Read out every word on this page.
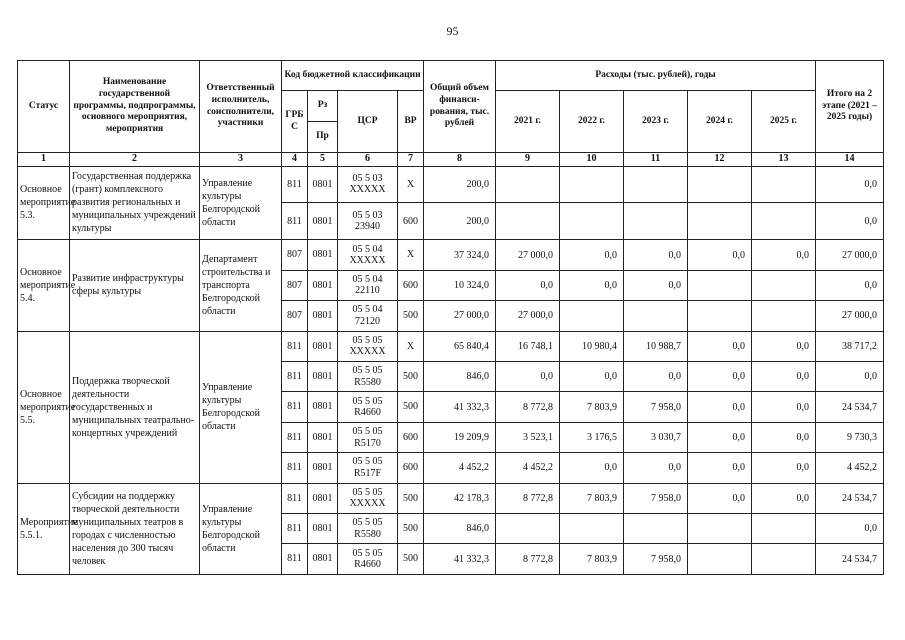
95
Статус	Наименование государственной программы, подпрограммы, основного мероприятия, мероприятия	Ответственный исполнитель, соисполнители, участники	Код бюджетной классификации				Общий объем финанси-рования, тыс. рублей	Расходы (тыс. рублей), годы					Итого на 2 этапе (2021 – 2025 годы)
			ГРБ С	Рз	ЦСР	ВР		2021 г.	2022 г.	2023 г.	2024 г.	2025 г.	
				Пр									
1	2	3	4	5	6	7	8	9	10	11	12	13	14
Основное мероприятие 5.3.	Государственная поддержка (грант) комплексного развития региональных и муниципальных учреждений культуры	Управление культуры Белгородской области	811	0801	05 5 03 ХХХХХ	Х	200,0						0,0
			811	0801	05 5 03 23940	600	200,0						0,0
Основное мероприятие 5.4.	Развитие инфраструктуры сферы культуры	Департамент строительства и транспорта Белгородской области	807	0801	05 5 04 ХХХХХ	Х	37 324,0	27 000,0	0,0	0,0	0,0	0,0	27 000,0
			807	0801	05 5 04 22110	600	10 324,0	0,0	0,0	0,0			0,0
			807	0801	05 5 04 72120	500	27 000,0	27 000,0					27 000,0
Основное мероприятие 5.5.	Поддержка творческой деятельности государственных и муниципальных театрально-концертных учреждений	Управление культуры Белгородской области	811	0801	05 5 05 ХХХХХ	Х	65 840,4	16 748,1	10 980,4	10 988,7	0,0	0,0	38 717,2
			811	0801	05 5 05 R5580	500	846,0	0,0	0,0	0,0	0,0	0,0	0,0
			811	0801	05 5 05 R4660	500	41 332,3	8 772,8	7 803,9	7 958,0	0,0	0,0	24 534,7
			811	0801	05 5 05 R5170	600	19 209,9	3 523,1	3 176,5	3 030,7	0,0	0,0	9 730,3
			811	0801	05 5 05 R517F	600	4 452,2	4 452,2	0,0	0,0	0,0	0,0	4 452,2
Мероприятие 5.5.1.	Субсидии на поддержку творческой деятельности муниципальных театров в городах с численностью населения до 300 тысяч человек	Управление культуры Белгородской области	811	0801	05 5 05 ХХХХХ	500	42 178,3	8 772,8	7 803,9	7 958,0	0,0	0,0	24 534,7
			811	0801	05 5 05 R5580	500	846,0						0,0
			811	0801	05 5 05 R4660	500	41 332,3	8 772,8	7 803,9	7 958,0			24 534,7
